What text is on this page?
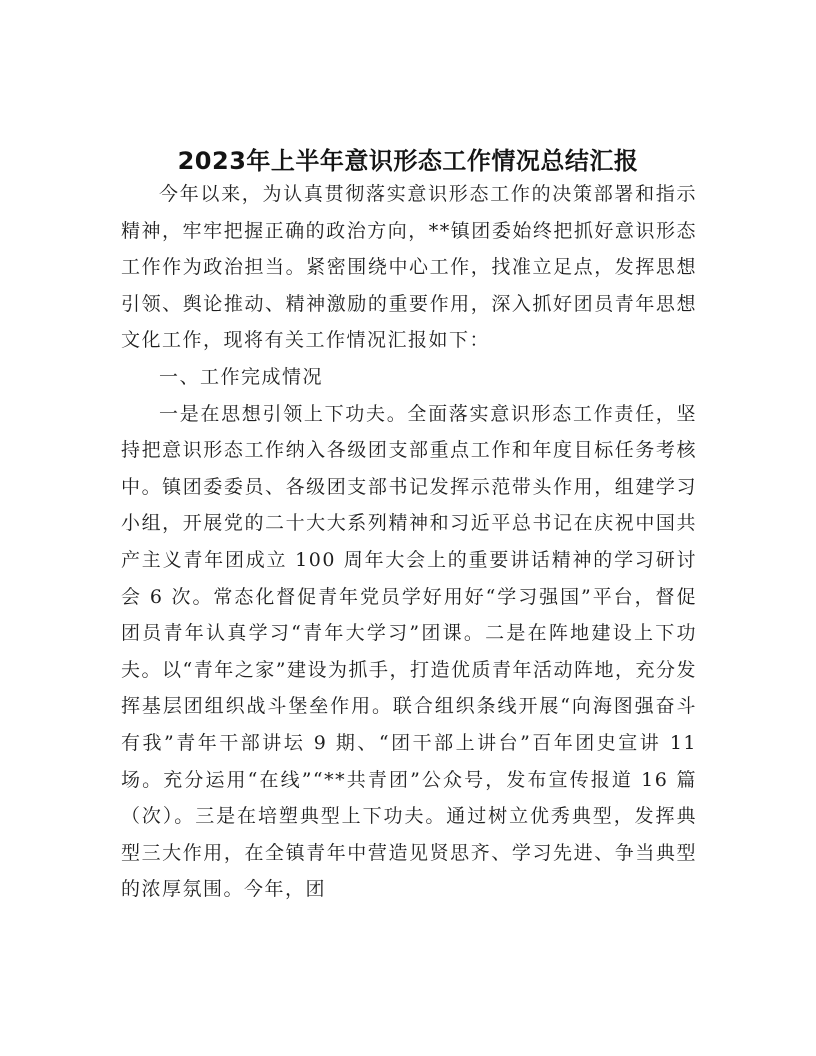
2023年上半年意识形态工作情况总结汇报

今年以来，为认真贯彻落实意识形态工作的决策部署和指示精神，牢牢把握正确的政治方向，**镇团委始终把抓好意识形态工作作为政治担当。紧密围绕中心工作，找准立足点，发挥思想引领、舆论推动、精神激励的重要作用，深入抓好团员青年思想文化工作，现将有关工作情况汇报如下：

一、工作完成情况

一是在思想引领上下功夫。全面落实意识形态工作责任，坚持把意识形态工作纳入各级团支部重点工作和年度目标任务考核中。镇团委委员、各级团支部书记发挥示范带头作用，组建学习小组，开展党的二十大大系列精神和习近平总书记在庆祝中国共产主义青年团成立 100 周年大会上的重要讲话精神的学习研讨会 6 次。常态化督促青年党员学好用好“学习强国”平台，督促团员青年认真学习“青年大学习”团课。二是在阵地建设上下功夫。以“青年之家”建设为抓手，打造优质青年活动阵地，充分发挥基层团组织战斗堡垒作用。联合组织条线开展“向海图强奋斗有我”青年干部讲坛 9 期、“团干部上讲台”百年团史宣讲 11 场。充分运用“在线”“**共青团”公众号，发布宣传报道 16 篇（次）。三是在培塑典型上下功夫。通过树立优秀典型，发挥典型三大作用，在全镇青年中营造见贤思齐、学习先进、争当典型的浓厚氛围。今年，团
